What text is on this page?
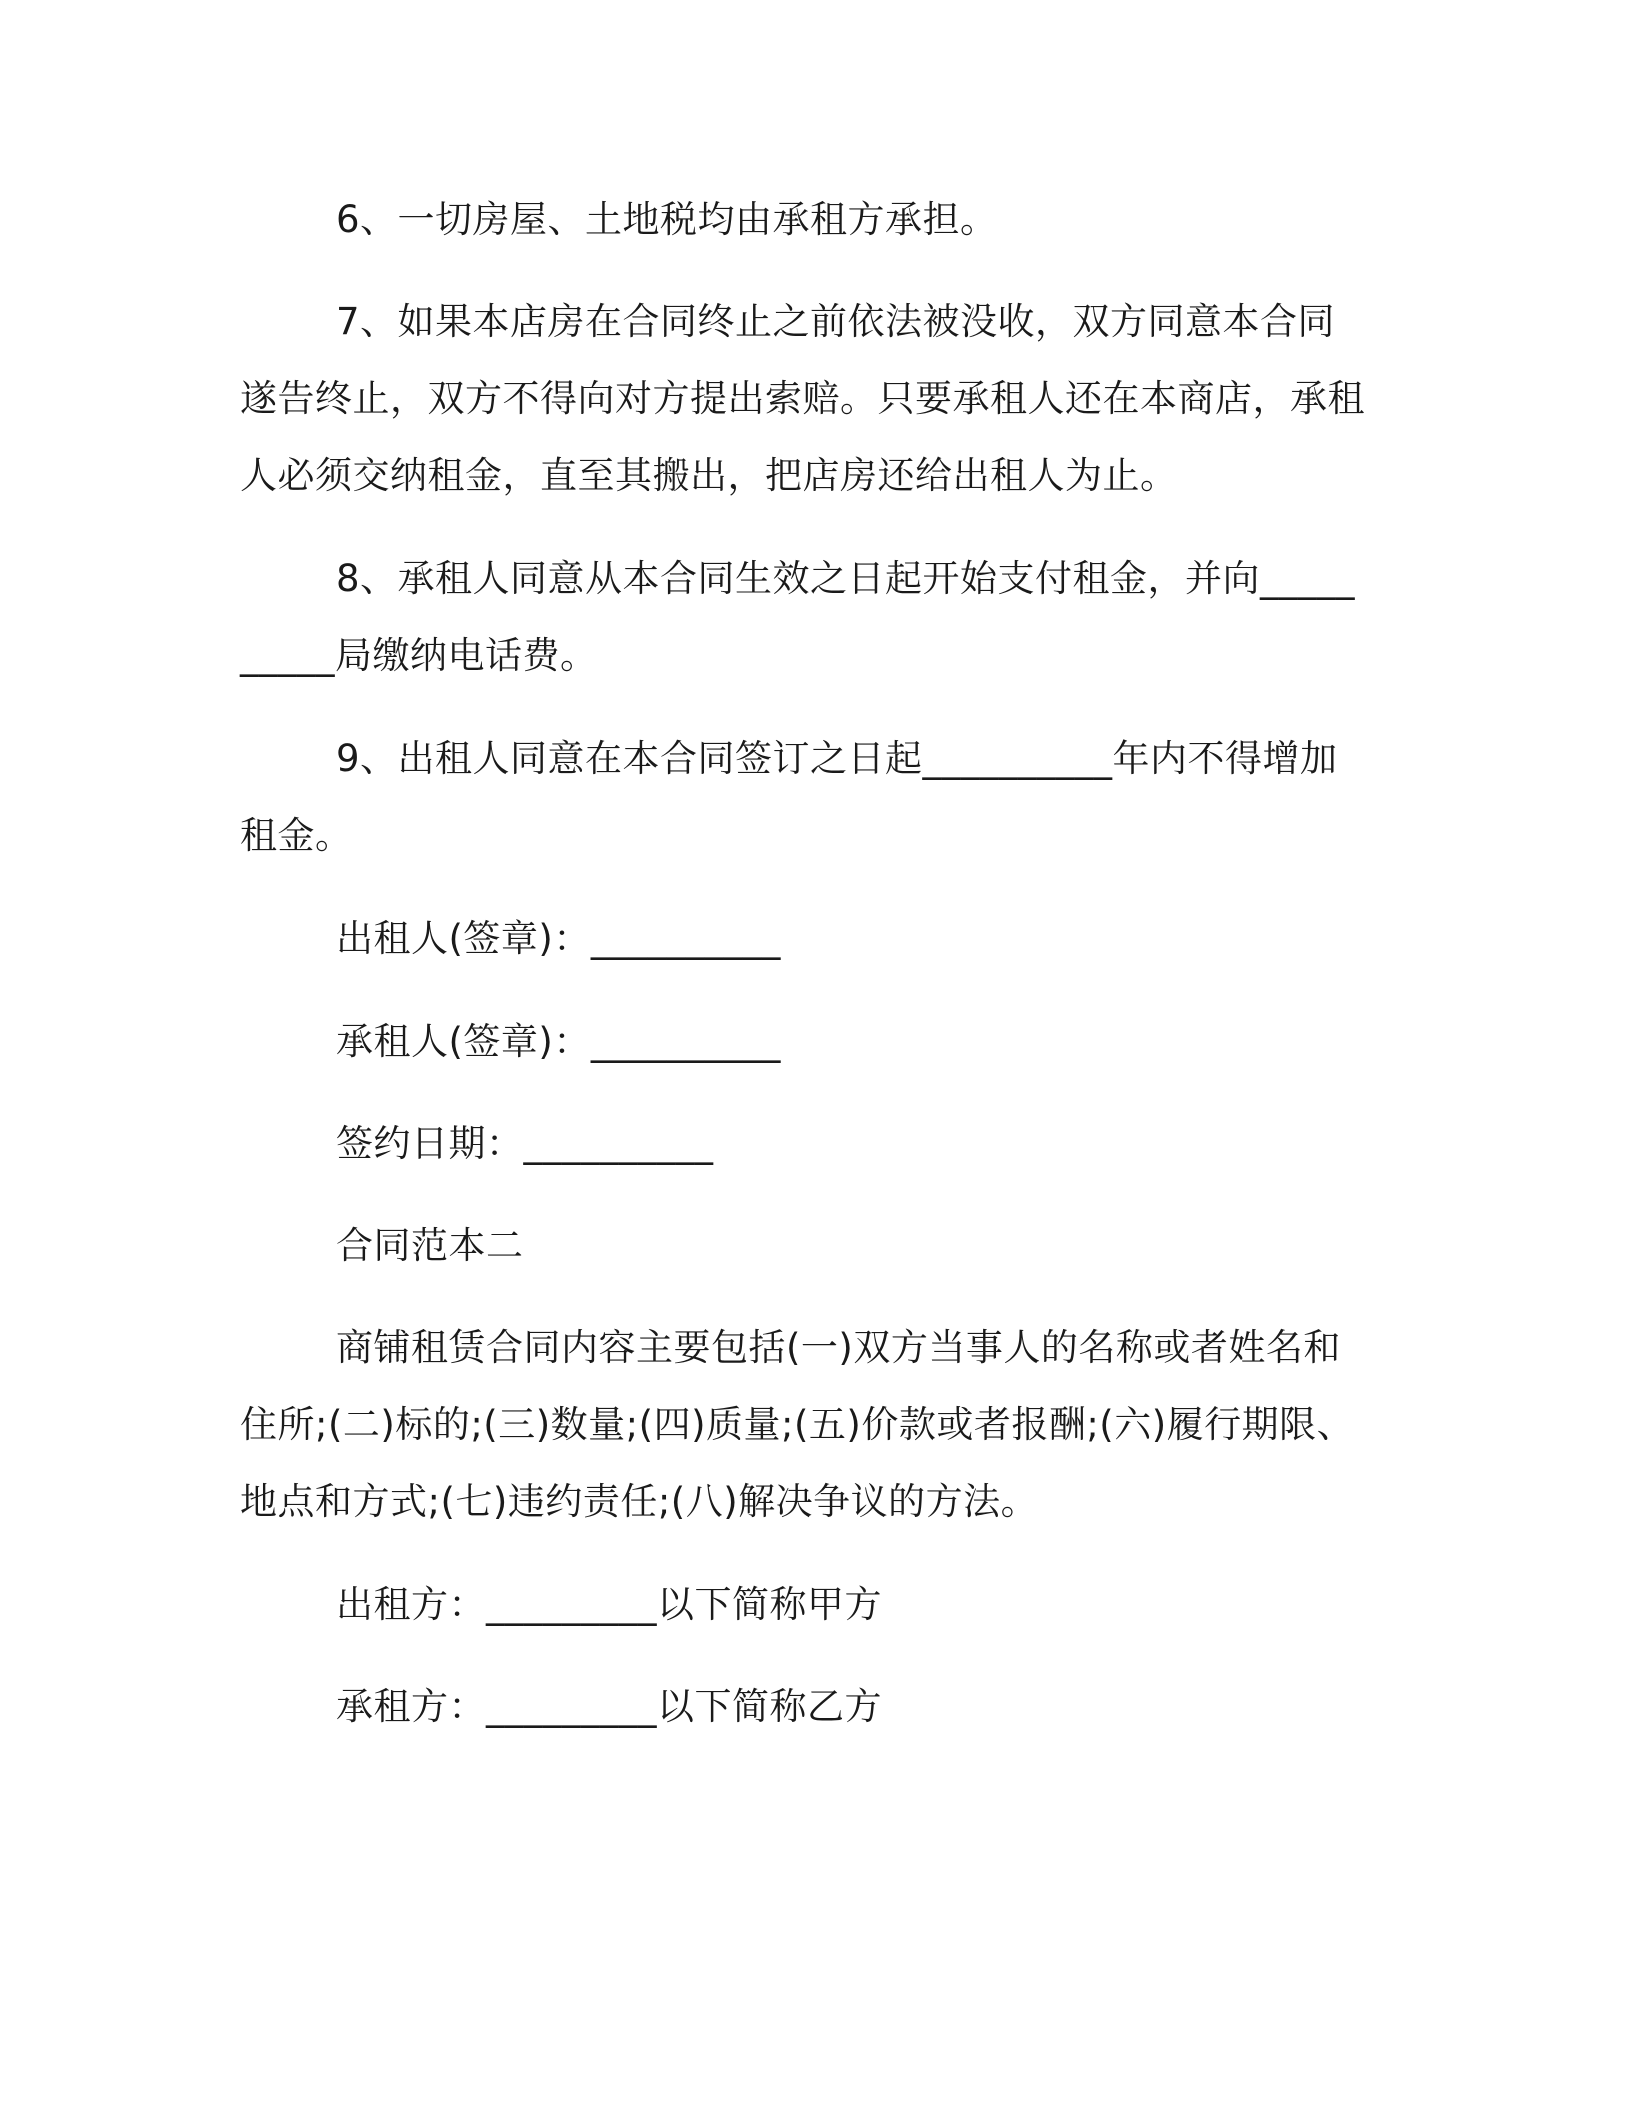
6、一切房屋、土地税均由承租方承担。

7、如果本店房在合同终止之前依法被没收，双方同意本合同遂告终止，双方不得向对方提出索赔。只要承租人还在本商店，承租人必须交纳租金，直至其搬出，把店房还给出租人为止。

8、承租人同意从本合同生效之日起开始支付租金，并向__________局缴纳电话费。

9、出租人同意在本合同签订之日起__________年内不得增加租金。

出租人(签章)：__________

承租人(签章)：__________

签约日期：__________

合同范本二

商铺租赁合同内容主要包括(一)双方当事人的名称或者姓名和住所;(二)标的;(三)数量;(四)质量;(五)价款或者报酬;(六)履行期限、地点和方式;(七)违约责任;(八)解决争议的方法。

出租方：_________以下简称甲方

承租方：_________以下简称乙方
